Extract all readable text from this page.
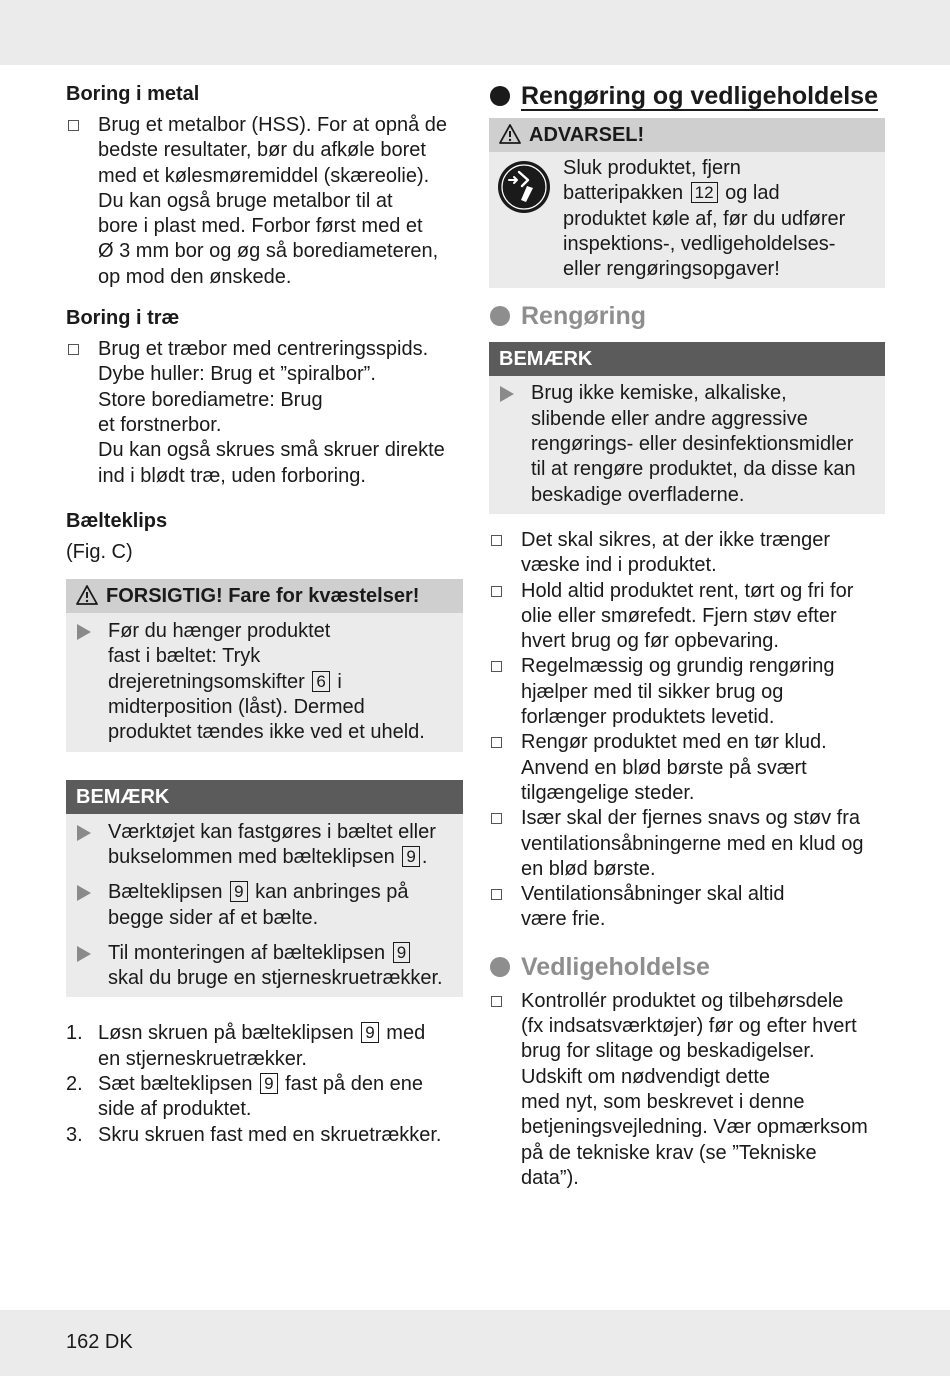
Boring i metal
Brug et metalbor (HSS). For at opnå de
bedste resultater, bør du afkøle boret
med et kølesmøremiddel (skæreolie).
Du kan også bruge metalbor til at
bore i plast med. Forbor først med et
Ø 3 mm bor og øg så borediameteren,
op mod den ønskede.
Boring i træ
Brug et træbor med centreringsspids.
Dybe huller: Brug et ”spiralbor”.
Store borediametre: Brug
et forstnerbor.
Du kan også skrues små skruer direkte
ind i blødt træ, uden forboring.
Bælteklips
(Fig. C)
FORSIGTIG! Fare for kvæstelser!
Før du hænger produktet
fast i bæltet: Tryk
drejeretningsomskifter 6 i
midterposition (låst). Dermed
produktet tændes ikke ved et uheld.
BEMÆRK
Værktøjet kan fastgøres i bæltet eller
bukselommen med bælteklipsen 9 .
Bælteklipsen 9 kan anbringes på
begge sider af et bælte.
Til monteringen af bælteklipsen 9
skal du bruge en stjerneskruetrækker.
1. Løsn skruen på bælteklipsen 9 med
en stjerneskruetrækker.
2. Sæt bælteklipsen 9 fast på den ene
side af produktet.
3. Skru skruen fast med en skruetrækker.
Rengøring og vedligeholdelse
ADVARSEL!
Sluk produktet, fjern
batteripakken 12 og lad
produktet køle af, før du udfører
inspektions-, vedligeholdelses-
eller rengøringsopgaver!
Rengøring
BEMÆRK
Brug ikke kemiske, alkaliske,
slibende eller andre aggressive
rengørings- eller desinfektionsmidler
til at rengøre produktet, da disse kan
beskadige overfladerne.
Det skal sikres, at der ikke trænger
væske ind i produktet.
Hold altid produktet rent, tørt og fri for
olie eller smørefedt. Fjern støv efter
hvert brug og før opbevaring.
Regelmæssig og grundig rengøring
hjælper med til sikker brug og
forlænger produktets levetid.
Rengør produktet med en tør klud.
Anvend en blød børste på svært
tilgængelige steder.
Især skal der fjernes snavs og støv fra
ventilationsåbningerne med en klud og
en blød børste.
Ventilationsåbninger skal altid
være frie.
Vedligeholdelse
Kontrollér produktet og tilbehørsdele
(fx indsatsværktøjer) før og efter hvert
brug for slitage og beskadigelser.
Udskift om nødvendigt dette
med nyt, som beskrevet i denne
betjeningsvejledning. Vær opmærksom
på de tekniske krav (se ”Tekniske
data”).
162 DK
